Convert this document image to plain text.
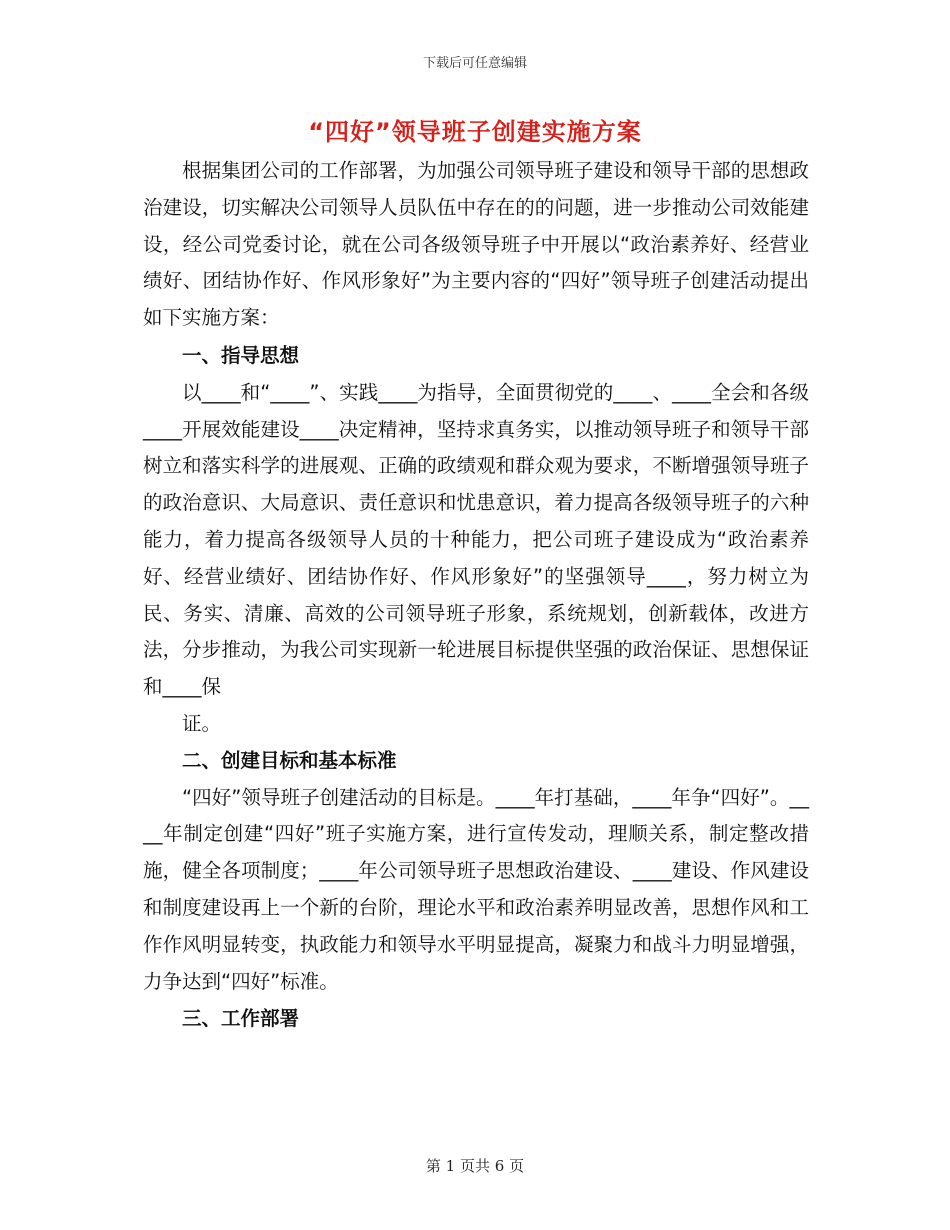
下载后可任意编辑
“四好”领导班子创建实施方案

根据集团公司的工作部署，为加强公司领导班子建设和领导干部的思想政治建设，切实解决公司领导人员队伍中存在的的问题，进一步推动公司效能建设，经公司党委讨论，就在公司各级领导班子中开展以“政治素养好、经营业绩好、团结协作好、作风形象好”为主要内容的“四好”领导班子创建活动提出如下实施方案：

一、指导思想

以____和“____”、实践____为指导，全面贯彻党的____、____全会和各级____开展效能建设____决定精神，坚持求真务实，以推动领导班子和领导干部树立和落实科学的进展观、正确的政绩观和群众观为要求，不断增强领导班子的政治意识、大局意识、责任意识和忧患意识，着力提高各级领导班子的六种能力，着力提高各级领导人员的十种能力，把公司班子建设成为“政治素养好、经营业绩好、团结协作好、作风形象好”的坚强领导____，努力树立为民、务实、清廉、高效的公司领导班子形象，系统规划，创新载体，改进方法，分步推动，为我公司实现新一轮进展目标提供坚强的政治保证、思想保证和____保

证。

二、创建目标和基本标准

“四好”领导班子创建活动的目标是。____年打基础，____年争“四好”。____年制定创建“四好”班子实施方案，进行宣传发动，理顺关系，制定整改措施，健全各项制度；____年公司领导班子思想政治建设、____建设、作风建设和制度建设再上一个新的台阶，理论水平和政治素养明显改善，思想作风和工作作风明显转变，执政能力和领导水平明显提高，凝聚力和战斗力明显增强，力争达到“四好”标准。

三、工作部署

第 1 页共 6 页
